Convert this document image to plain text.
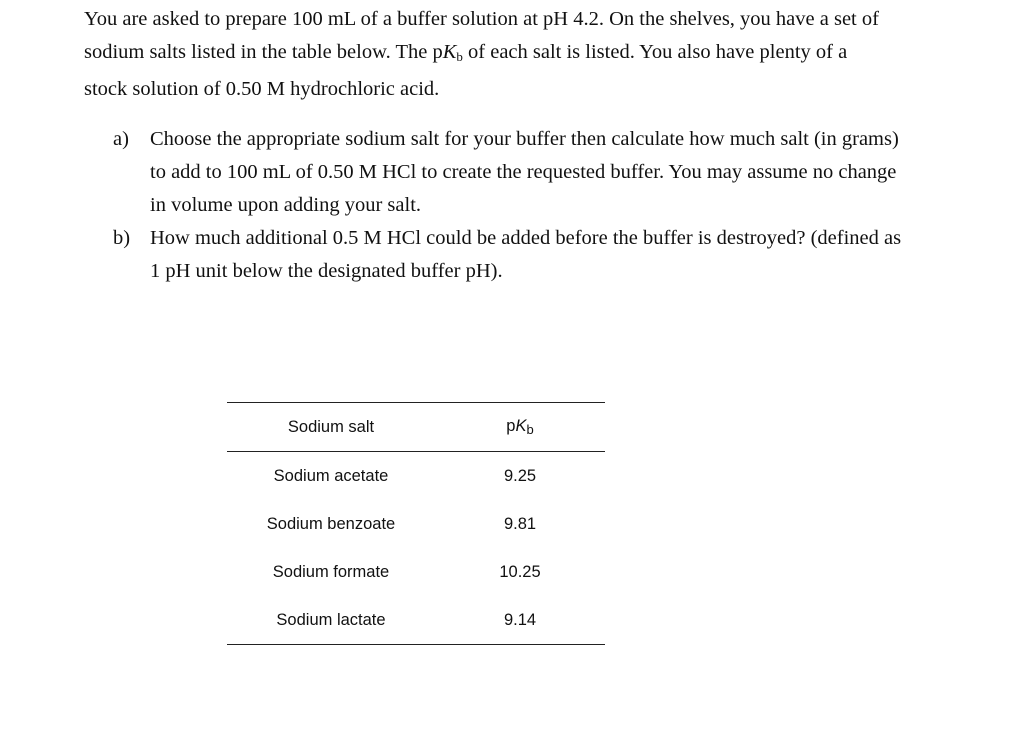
You are asked to prepare 100 mL of a buffer solution at pH 4.2. On the shelves, you have a set of
sodium salts listed in the table below. The $pK_b$ of each salt is listed. You also have plenty of a
stock solution of 0.50 M hydrochloric acid.

a) Choose the appropriate sodium salt for your buffer then calculate how much salt (in grams)
to add to 100 mL of 0.50 M HCl to create the requested buffer. You may assume no change
in volume upon adding your salt.
b) How much additional 0.5 M HCl could be added before the buffer is destroyed? (defined as
1 pH unit below the designated buffer pH).
Sodium salt	$pK_b$
Sodium acetate	9.25
Sodium benzoate	9.81
Sodium formate	10.25
Sodium lactate	9.14
